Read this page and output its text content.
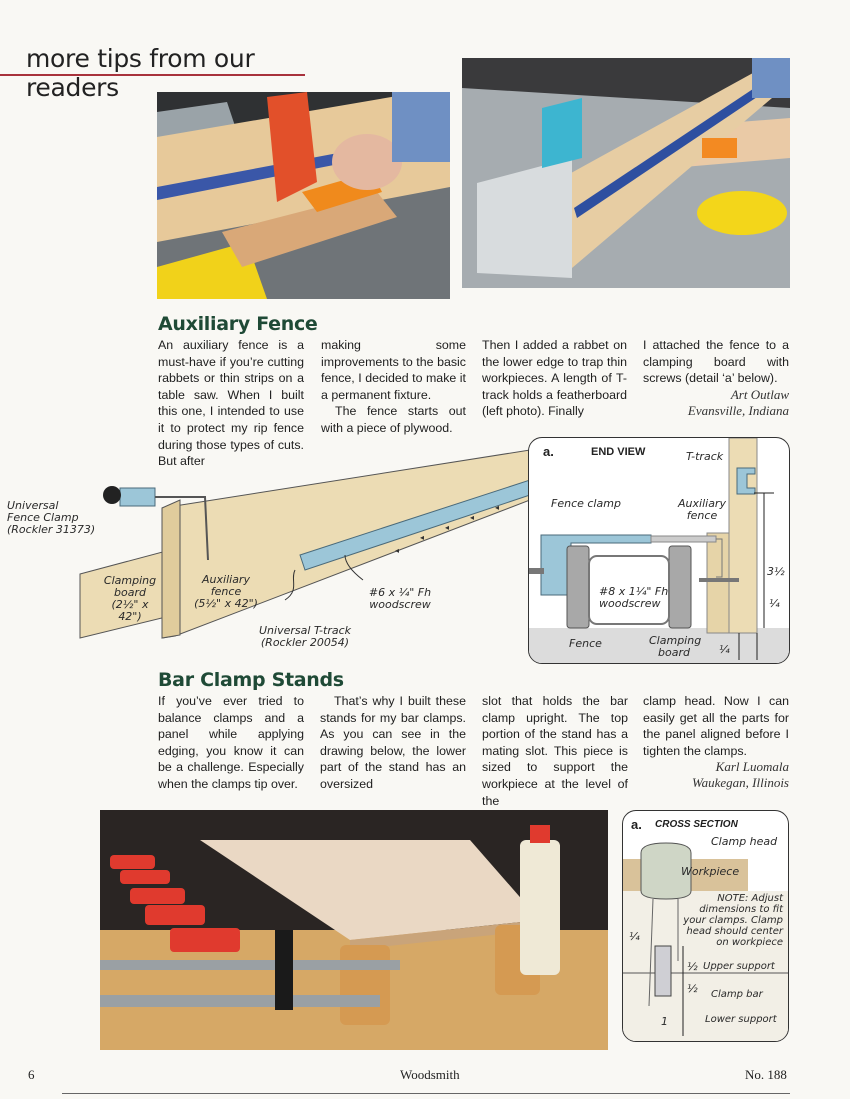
more tips from our readers
Auxiliary Fence

An auxiliary fence is a must-have if you’re cutting rabbets or thin strips on a table saw. When I built this one, I intended to use it to protect my rip fence during those types of cuts. But after

making some improvements to the basic fence, I decided to make it a permanent fixture.

The fence starts out with a piece of plywood.

Then I added a rabbet on the lower edge to trap thin workpieces. A length of T-track holds a featherboard (left photo). Finally

I attached the fence to a clamping board with screws (detail ‘a’ below).

Art Outlaw
Evansville, Indiana
◂
◂
◂
◂
◂
Universal
Fence Clamp
(Rockler 31373)
Clamping
board
(2½" x 42")
Auxiliary fence
(5½" x 42")
#6 x ¼" Fh
woodscrew
Universal T-track
(Rockler 20054)
a.	END VIEW	T-track
Fence clamp	Auxiliary
fence
#8 x 1¼" Fh
woodscrew
Fence	Clamping
board
3½
¼
¼
Bar Clamp Stands

If you’ve ever tried to balance clamps and a panel while applying edging, you know it can be a challenge. Especially when the clamps tip over.

That’s why I built these stands for my bar clamps. As you can see in the drawing below, the lower part of the stand has an oversized

slot that holds the bar clamp upright. The top portion of the stand has a mating slot. This piece is sized to support the workpiece at the level of the

clamp head. Now I can easily get all the parts for the panel aligned before I tighten the clamps.

Karl Luomala
Waukegan, Illinois
a. CROSS SECTION
Clamp head
Workpiece
NOTE: Adjust
dimensions to fit
your clamps. Clamp
head should center
on workpiece
¼
½ Upper support
½ Clamp bar
1	Lower support
6	Woodsmith	No. 188
